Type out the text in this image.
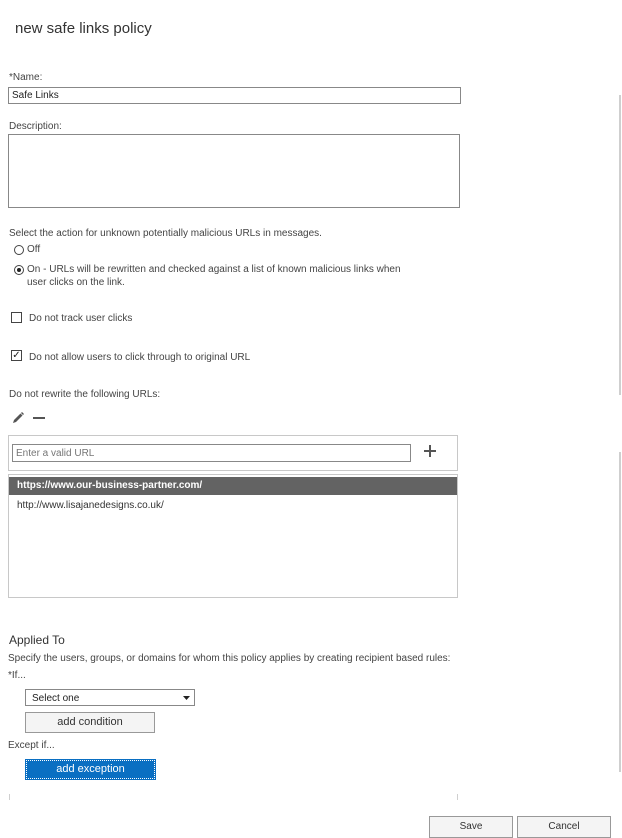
new safe links policy
*Name:
Safe Links
Description:
Select the action for unknown potentially malicious URLs in messages.
Off
On - URLs will be rewritten and checked against a list of known malicious links when
user clicks on the link.
Do not track user clicks
✓ Do not allow users to click through to original URL
Do not rewrite the following URLs:
Enter a valid URL
https://www.our-business-partner.com/
http://www.lisajanedesigns.co.uk/
Applied To
Specify the users, groups, or domains for whom this policy applies by creating recipient based rules:
*If...
Select one
add condition
Except if...
add exception
Save	Cancel
